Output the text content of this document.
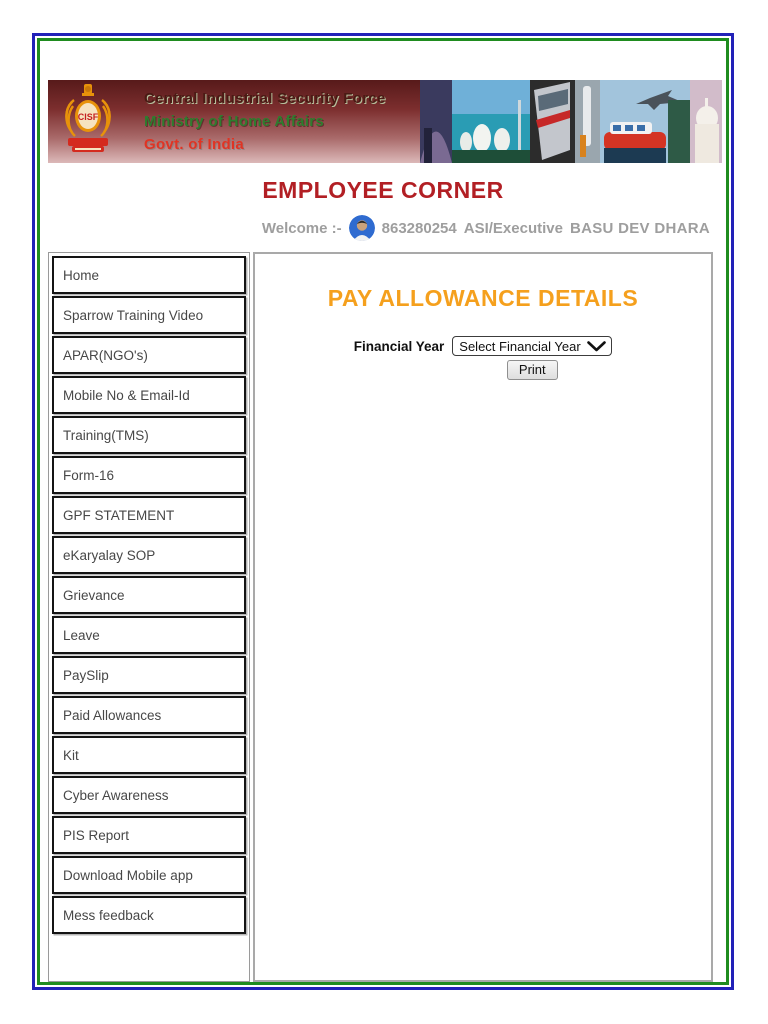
CISF
Central Industrial Security Force
Ministry of Home Affairs
Govt. of India
EMPLOYEE CORNER
Welcome :-	863280254 ASI/Executive BASU DEV DHARA
Home
Sparrow Training Video
APAR(NGO's)
Mobile No & Email-Id
Training(TMS)
Form-16
GPF STATEMENT
eKaryalay SOP
Grievance
Leave
PaySlip
Paid Allowances
Kit
Cyber Awareness
PIS Report
Download Mobile app
Mess feedback
PAY ALLOWANCE DETAILS
Financial Year Select Financial Year
Print
